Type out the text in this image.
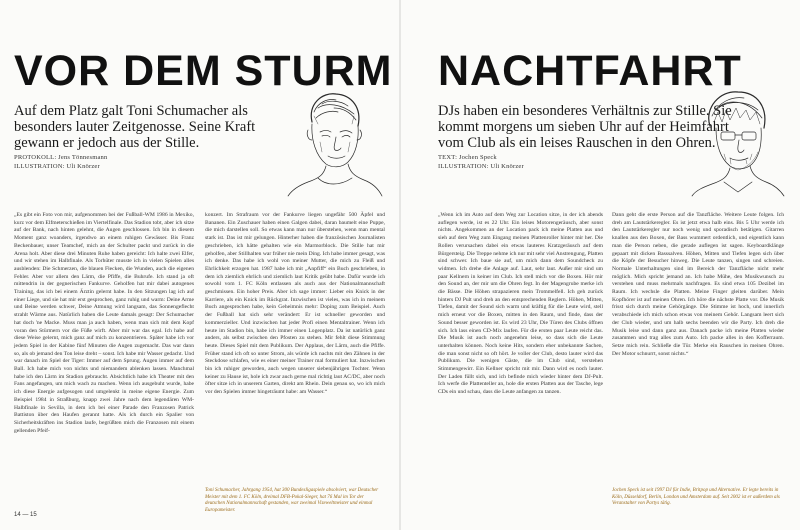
VOR DEM STURM
Auf dem Platz galt Toni Schumacher als besonders lauter Zeitgenosse. Seine Kraft gewann er jedoch aus der Stille.
PROTOKOLL: Jens Tönnesmann
ILLUSTRATION: Uli Knörzer
„Es gibt ein Foto von mir, aufgenommen bei der Fußball-WM 1986 in Mexiko, kurz vor dem Elfmeterschießen im Viertelfinale. Das Stadion tobt, aber ich sitze auf der Bank, nach hinten gelehnt, die Augen geschlossen. Ich bin in diesem Moment ganz woanders, irgendwo an einem ruhigen Gewässer. Bis Franz Beckenbauer, unser Teamchef, mich an der Schulter packt und zurück in die Arena holt. Aber diese drei Minuten Ruhe haben gereicht: Ich halte zwei Elfer, und wir stehen im Halbfinale. Als Torhüter musste ich in vielen Spielen alles ausblenden: Die Schmerzen, die blauen Flecken, die Wunden, auch die eigenen Fehler. Aber vor allem den Lärm, die Pfiffe, die Buhrufe. Ich stand ja oft mittendrin in der gegnerischen Fankurve. Geholfen hat mir dabei autogenes Training, das ich bei einem Ärztin gelernt habe. In den Sitzungen lag ich auf einer Liege, und sie hat mir erst gesprochen, ganz ruhig und warm: Deine Arme und Beine werden schwer, Deine Atmung wird langsam, das Sonnengeflecht strahlt Wärme aus. Natürlich haben die Leute damals gesagt: Der Schumacher hat doch 'ne Macke. Muss man ja auch haben, wenn man sich mit dem Kopf voran den Stürmern vor die Füße wirft. Aber mir war das egal. Ich habe auf diese Weise gelernt, mich ganz auf mich zu konzentrieren. Später habe ich vor jedem Spiel in der Kabine fünf Minuten die Augen zugemacht. Das war dann so, als ob jemand den Ton leise dreht – sonst. Ich habe mir Wasser gedacht. Und war danach im Spiel der Tiger: Immer auf dem Sprung. Augen immer auf dem Ball. Ich habe mich von nichts und niemandem ablenken lassen. Manchmal habe ich den Lärm im Stadion gebraucht. Absichtlich habe ich Theater mit den Fans angefangen, um mich wach zu machen. Wenn ich ausgebuht wurde, habe ich diese Energie aufgesogen und umgelenkt in meine eigene Energie. Zum Beispiel 1984 in Straßburg, knapp zwei Jahre nach dem legendären WM-Halbfinale in Sevilla, in dem ich bei einer Parade den Franzosen Patrick Battiston über den Haufen gerannt hatte. Als ich durch ein Spalier von Sicherheitskräften ins Stadion laufe, begrüßten mich die Franzosen mit einem gellenden Pfeif-
konzert. Im Strafraum vor der Fankurve liegen ungefähr 500 Äpfel und Bananen. Ein Zuschauer haben einen Galgen dabei, daran baumelt eine Puppe, die mich darstellen soll. So etwas kann man nur überstehen, wenn man mental stark ist. Das ist mir gelungen. Hinterher haben die französischen Journalisten geschrieben, ich hätte gehalten wie ein Marmorblock. Die Stille hat mir geholfen, aber Stillhalten war früher nie mein Ding. Ich habe immer gesagt, was ich denke. Das habe ich wohl von meiner Mutter, die mich zu Fleiß und Ehrlichkeit erzogen hat. 1987 habe ich mit „Anpfiff“ ein Buch geschrieben, in dem ich ziemlich ehrlich und ziemlich laut Kritik geübt habe. Dafür wurde ich sowohl vom 1. FC Köln entlassen als auch aus der Nationalmannschaft geschmissen. Ein hoher Preis. Aber ich sage immer: Lieber ein Knick in der Karriere, als ein Knick im Rückgrat. Inzwischen ist vieles, was ich in meinem Buch angesprochen habe, kein Geheimnis mehr: Doping zum Beispiel. Auch der Fußball hat sich sehr verändert: Er ist schneller geworden und kommerzieller. Und inzwischen hat jeder Profi einen Mentaltrainer. Wenn ich heute im Stadion bin, habe ich immer einen Logenplatz. Da ist natürlich ganz anders, als selbst zwischen den Pfosten zu stehen. Mir fehlt diese Stimmung heute. Dieses Spiel mit dem Publikum. Der Applaus, der Lärm, auch die Pfiffe. Früher stand ich oft so unter Strom, als würde ich nachts mit den Zähnen in der Steckdose schlafen, wie es einer meiner Trainer mal formuliert hat. Inzwischen bin ich ruhiger geworden, auch wegen unserer siebenjährigen Tochter. Wenn keiner zu Hause ist, hole ich zwar auch gerne mal richtig laut AC/DC, aber noch öfter sitze ich in unserem Garten, direkt am Rhein. Dein genau so, wo ich mich vor den Spielen immer hingeträumt habe: am Wasser.“
Toni Schumacher, Jahrgang 1954, hat 300 Bundesligaspiele absolviert, war Deutscher Meister mit dem 1. FC Köln, dreimal DFB-Pokal-Sieger, hat 76 Mal im Tor der deutschen Nationalmannschaft gestanden, war zweimal Vizeweltmeister und einmal Europameister.
14 — 15
NACHTFAHRT
DJs haben ein besonderes Verhältnis zur Stille. Sie kommt morgens um sieben Uhr auf der Heimfahrt vom Club als ein leises Rauschen in den Ohren.
TEXT: Jochen Speck
ILLUSTRATION: Uli Knörzer
„Wenn ich im Auto auf dem Weg zur Location sitze, in der ich abends auflegen werde, ist es 22 Uhr. Ein leises Motorengeräusch, aber sonst nichts. Angekommen an der Location pack ich meine Platten aus und sieh auf dem Weg zum Eingang meinen Plattenroller hinter mir her. Die Rollen verursachen dabei ein etwas lauteres Kratzgeräusch auf dem Bürgersteig. Die Treppe nehme ich nur mit sehr viel Anstrengung, Platten sind schwer. Ich baue sie auf, um mich dann dem Soundcheck zu widmen. Ich drehe die Anlage auf. Laut, sehr laut. Außer mir sind um paar Kellnern in keiner im Club. Ich stell mich vor die Boxen. Hör mir den Sound an, der mir um die Ohren fegt. In der Magengrube merke ich die Bässe. Die Höhen strapazieren mein Trommelfell. Ich geh zurück hinters DJ Pult und dreh an den entsprechenden Reglern. Höhen, Mitten, Tiefen, damit der Sound sich warm und kräftig für die Leute wird, stell mich erneut vor die Boxen, mitten in den Raum, und finde, dass der Sound besser geworden ist. Es wird 23 Uhr, Die Türen des Clubs öffnen sich. Ich lass einen CD-Mix laufen. Für die ersten paar Leute reicht das. Die Musik ist auch noch angenehm leise, so dass sich die Leute unterhalten können. Noch keine Hits, sondern eher unbekannte Sachen, die man sonst nicht so oft hört. Je voller der Club, desto lauter wird das Publikum. Die wenigen Gäste, die im Club sind, verstehen Stimmengewirr. Ein Kellner spricht mit mir. Dann wird es noch lauter. Der Laden füllt sich, und ich befinde mich wieder hinter dem DJ-Pult. Ich werfe die Plattenteller an, hole die ersten Platten aus der Tasche, lege CDs ein und schau, dass die Leute anfangen zu tanzen.
Dann geht die erste Person auf die Tanzfläche. Weitere Leute folgen. Ich dreh am Lautstärkeregler. Es ist jetzt etwa halb eins. Bis 5 Uhr werde ich den Lautstärkeregler nur noch wenig und sporadisch betätigen. Gitarren knallen aus den Boxen, der Bass wummert ordentlich, und eigentlich kann man die Person neben, die gerade auflegen ist sagen. Keyboardklänge gepaart mit dicken Basssalven. Höhen, Mitten und Tiefen legen sich über die Köpfe der Besucher hinweg. Die Leute tanzen, singen und schreien. Normale Unterhaltungen sind im Bereich der Tanzfläche nicht mehr möglich. Mich spricht jemand an. Ich habe Mühe, den Musikwunsch zu verstehen und muss mehrmals nachfragen. Es sind etwa 105 Dezibel im Raum. Ich wechsle die Platten. Meine Finger gleiten darüber. Mein Kopfhörer ist auf meinen Ohren. Ich höre die nächste Platte vor. Die Musik frisst sich durch meine Gehörgänge. Die Stimme ist hoch, und innerlich verabschiede ich mich schon etwas von meinem Gehör. Langsam leert sich der Club wieder, und um halb sechs beenden wir die Party. Ich dreh die Musik leise und dann ganz aus. Danach packe ich meine Platten wieder zusammen und trag alles zum Auto. Ich packe alles in den Kofferraum. Setze mich rein. Schließe die Tür. Merke ein Rauschen in meinen Ohren. Der Motor schnurrt, sonst nichts.“
Jochen Speck ist seit 1997 DJ für Indie, Britpop und Alternative. Er legte bereits in Köln, Düsseldorf, Berlin, London und Amsterdam auf. Seit 2002 ist er außerdem als Veranstalter von Partys tätig.
